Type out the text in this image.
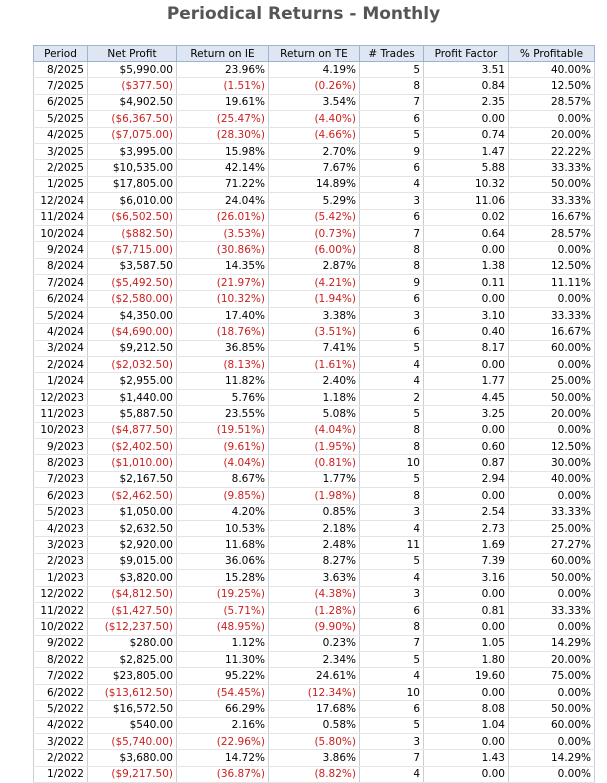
Periodical Returns - Monthly
Period	Net Profit	Return on IE	Return on TE	# Trades	Profit Factor	% Profitable
8/2025	$5,990.00	23.96%	4.19%	5	3.51	40.00%
7/2025	($377.50)	(1.51%)	(0.26%)	8	0.84	12.50%
6/2025	$4,902.50	19.61%	3.54%	7	2.35	28.57%
5/2025	($6,367.50)	(25.47%)	(4.40%)	6	0.00	0.00%
4/2025	($7,075.00)	(28.30%)	(4.66%)	5	0.74	20.00%
3/2025	$3,995.00	15.98%	2.70%	9	1.47	22.22%
2/2025	$10,535.00	42.14%	7.67%	6	5.88	33.33%
1/2025	$17,805.00	71.22%	14.89%	4	10.32	50.00%
12/2024	$6,010.00	24.04%	5.29%	3	11.06	33.33%
11/2024	($6,502.50)	(26.01%)	(5.42%)	6	0.02	16.67%
10/2024	($882.50)	(3.53%)	(0.73%)	7	0.64	28.57%
9/2024	($7,715.00)	(30.86%)	(6.00%)	8	0.00	0.00%
8/2024	$3,587.50	14.35%	2.87%	8	1.38	12.50%
7/2024	($5,492.50)	(21.97%)	(4.21%)	9	0.11	11.11%
6/2024	($2,580.00)	(10.32%)	(1.94%)	6	0.00	0.00%
5/2024	$4,350.00	17.40%	3.38%	3	3.10	33.33%
4/2024	($4,690.00)	(18.76%)	(3.51%)	6	0.40	16.67%
3/2024	$9,212.50	36.85%	7.41%	5	8.17	60.00%
2/2024	($2,032.50)	(8.13%)	(1.61%)	4	0.00	0.00%
1/2024	$2,955.00	11.82%	2.40%	4	1.77	25.00%
12/2023	$1,440.00	5.76%	1.18%	2	4.45	50.00%
11/2023	$5,887.50	23.55%	5.08%	5	3.25	20.00%
10/2023	($4,877.50)	(19.51%)	(4.04%)	8	0.00	0.00%
9/2023	($2,402.50)	(9.61%)	(1.95%)	8	0.60	12.50%
8/2023	($1,010.00)	(4.04%)	(0.81%)	10	0.87	30.00%
7/2023	$2,167.50	8.67%	1.77%	5	2.94	40.00%
6/2023	($2,462.50)	(9.85%)	(1.98%)	8	0.00	0.00%
5/2023	$1,050.00	4.20%	0.85%	3	2.54	33.33%
4/2023	$2,632.50	10.53%	2.18%	4	2.73	25.00%
3/2023	$2,920.00	11.68%	2.48%	11	1.69	27.27%
2/2023	$9,015.00	36.06%	8.27%	5	7.39	60.00%
1/2023	$3,820.00	15.28%	3.63%	4	3.16	50.00%
12/2022	($4,812.50)	(19.25%)	(4.38%)	3	0.00	0.00%
11/2022	($1,427.50)	(5.71%)	(1.28%)	6	0.81	33.33%
10/2022	($12,237.50)	(48.95%)	(9.90%)	8	0.00	0.00%
9/2022	$280.00	1.12%	0.23%	7	1.05	14.29%
8/2022	$2,825.00	11.30%	2.34%	5	1.80	20.00%
7/2022	$23,805.00	95.22%	24.61%	4	19.60	75.00%
6/2022	($13,612.50)	(54.45%)	(12.34%)	10	0.00	0.00%
5/2022	$16,572.50	66.29%	17.68%	6	8.08	50.00%
4/2022	$540.00	2.16%	0.58%	5	1.04	60.00%
3/2022	($5,740.00)	(22.96%)	(5.80%)	3	0.00	0.00%
2/2022	$3,680.00	14.72%	3.86%	7	1.43	14.29%
1/2022	($9,217.50)	(36.87%)	(8.82%)	4	0.00	0.00%
